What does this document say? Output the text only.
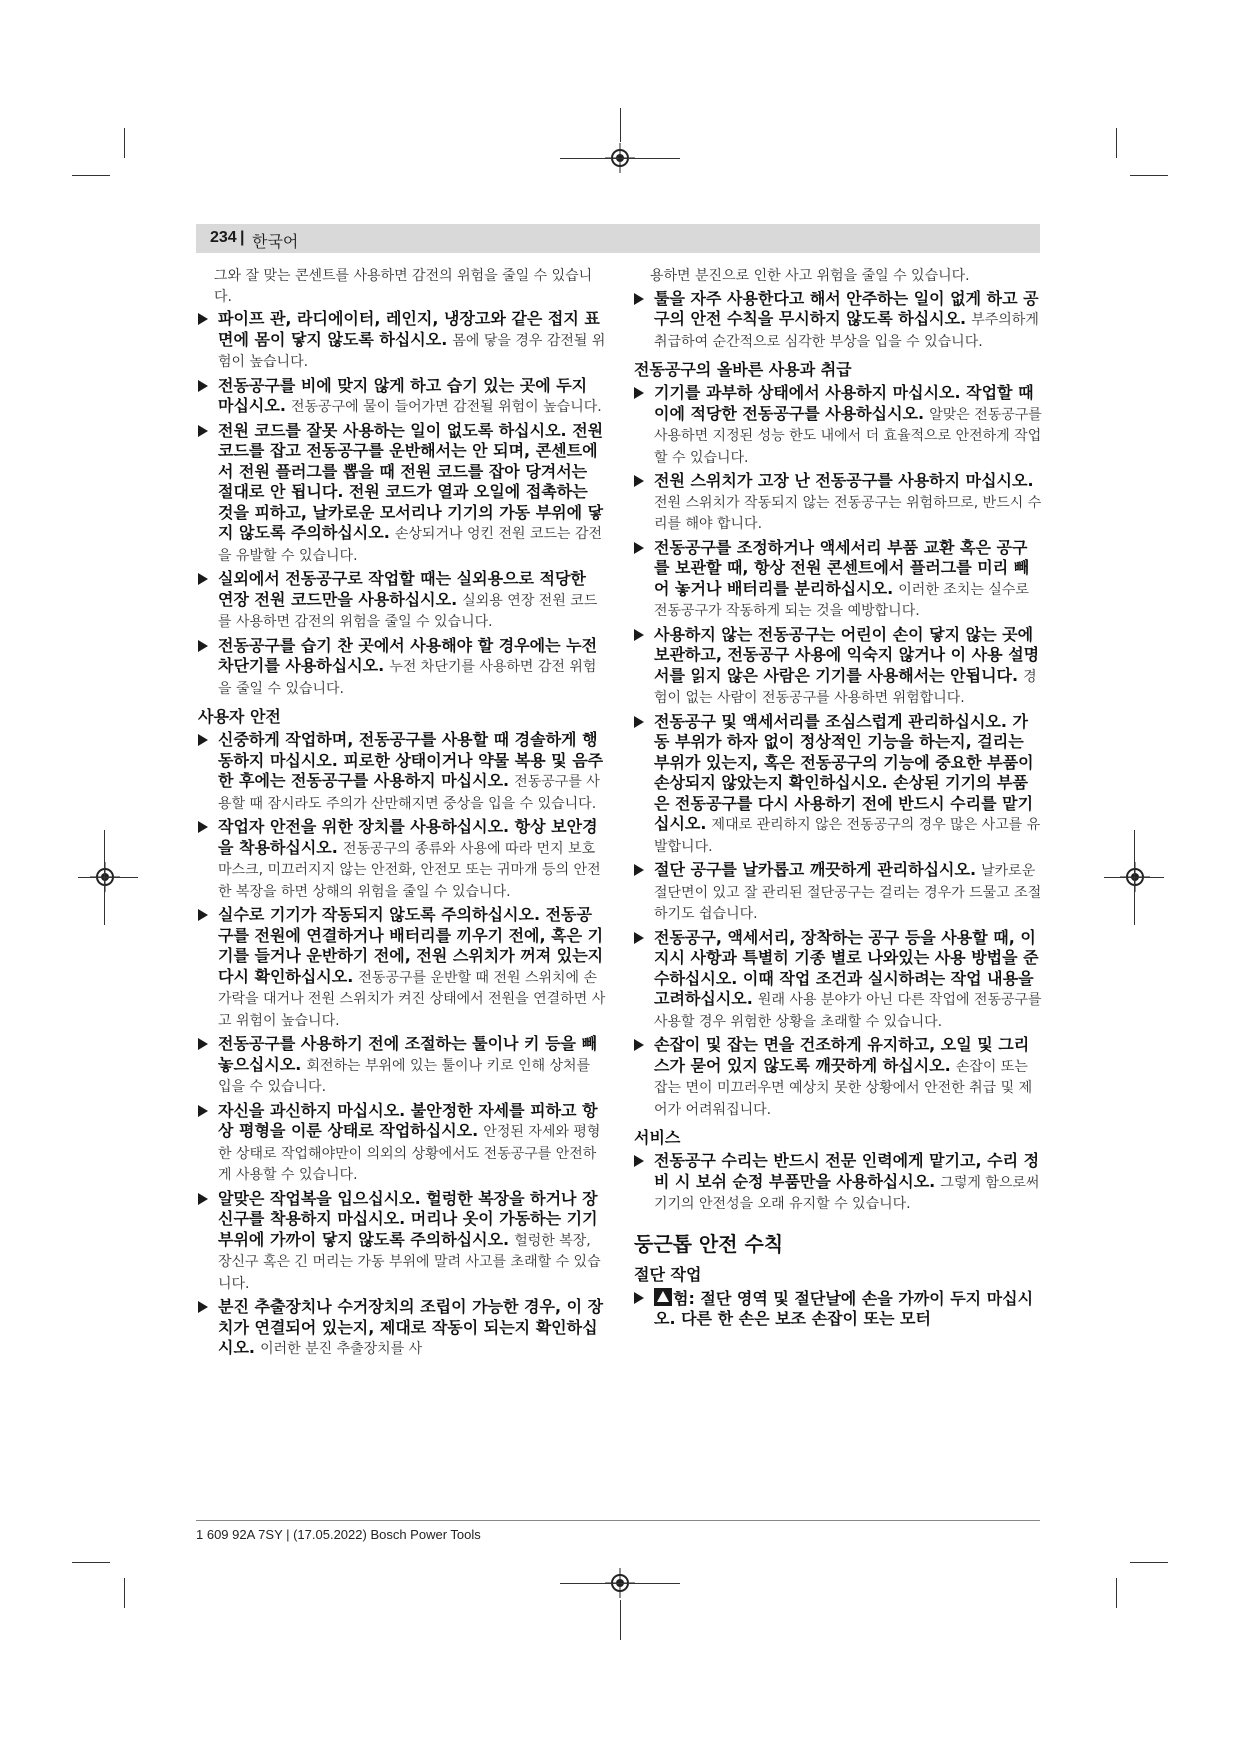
234 | 한국어
그와 잘 맞는 콘센트를 사용하면 감전의 위험을 줄일 수 있습니다.
파이프 관, 라디에이터, 레인지, 냉장고와 같은 접지 표면에 몸이 닿지 않도록 하십시오. 몸에 닿을 경우 감전될 위험이 높습니다.
전동공구를 비에 맞지 않게 하고 습기 있는 곳에 두지 마십시오. 전동공구에 물이 들어가면 감전될 위험이 높습니다.
전원 코드를 잘못 사용하는 일이 없도록 하십시오. 전원 코드를 잡고 전동공구를 운반해서는 안 되며, 콘센트에서 전원 플러그를 뽑을 때 전원 코드를 잡아 당겨서는 절대로 안 됩니다. 전원 코드가 열과 오일에 접촉하는 것을 피하고, 날카로운 모서리나 기기의 가동 부위에 닿지 않도록 주의하십시오. 손상되거나 엉킨 전원 코드는 감전을 유발할 수 있습니다.
실외에서 전동공구로 작업할 때는 실외용으로 적당한 연장 전원 코드만을 사용하십시오. 실외용 연장 전원 코드를 사용하면 감전의 위험을 줄일 수 있습니다.
전동공구를 습기 찬 곳에서 사용해야 할 경우에는 누전 차단기를 사용하십시오. 누전 차단기를 사용하면 감전 위험을 줄일 수 있습니다.
사용자 안전
신중하게 작업하며, 전동공구를 사용할 때 경솔하게 행동하지 마십시오. 피로한 상태이거나 약물 복용 및 음주한 후에는 전동공구를 사용하지 마십시오. 전동공구를 사용할 때 잠시라도 주의가 산만해지면 중상을 입을 수 있습니다.
작업자 안전을 위한 장치를 사용하십시오. 항상 보안경을 착용하십시오. 전동공구의 종류와 사용에 따라 먼지 보호 마스크, 미끄러지지 않는 안전화, 안전모 또는 귀마개 등의 안전한 복장을 하면 상해의 위험을 줄일 수 있습니다.
실수로 기기가 작동되지 않도록 주의하십시오. 전동공구를 전원에 연결하거나 배터리를 끼우기 전에, 혹은 기기를 들거나 운반하기 전에, 전원 스위치가 꺼져 있는지 다시 확인하십시오. 전동공구를 운반할 때 전원 스위치에 손가락을 대거나 전원 스위치가 켜진 상태에서 전원을 연결하면 사고 위험이 높습니다.
전동공구를 사용하기 전에 조절하는 툴이나 키 등을 빼 놓으십시오. 회전하는 부위에 있는 툴이나 키로 인해 상처를 입을 수 있습니다.
자신을 과신하지 마십시오. 불안정한 자세를 피하고 항상 평형을 이룬 상태로 작업하십시오. 안정된 자세와 평형한 상태로 작업해야만이 의외의 상황에서도 전동공구를 안전하게 사용할 수 있습니다.
알맞은 작업복을 입으십시오. 헐렁한 복장을 하거나 장신구를 착용하지 마십시오. 머리나 옷이 가동하는 기기 부위에 가까이 닿지 않도록 주의하십시오. 헐렁한 복장, 장신구 혹은 긴 머리는 가동 부위에 말려 사고를 초래할 수 있습니다.
분진 추출장치나 수거장치의 조립이 가능한 경우, 이 장치가 연결되어 있는지, 제대로 작동이 되는지 확인하십시오. 이러한 분진 추출장치를 사
용하면 분진으로 인한 사고 위험을 줄일 수 있습니다.
툴을 자주 사용한다고 해서 안주하는 일이 없게 하고 공구의 안전 수칙을 무시하지 않도록 하십시오. 부주의하게 취급하여 순간적으로 심각한 부상을 입을 수 있습니다.
전동공구의 올바른 사용과 취급
기기를 과부하 상태에서 사용하지 마십시오. 작업할 때 이에 적당한 전동공구를 사용하십시오. 알맞은 전동공구를 사용하면 지정된 성능 한도 내에서 더 효율적으로 안전하게 작업할 수 있습니다.
전원 스위치가 고장 난 전동공구를 사용하지 마십시오. 전원 스위치가 작동되지 않는 전동공구는 위험하므로, 반드시 수리를 해야 합니다.
전동공구를 조정하거나 액세서리 부품 교환 혹은 공구를 보관할 때, 항상 전원 콘센트에서 플러그를 미리 빼어 놓거나 배터리를 분리하십시오. 이러한 조치는 실수로 전동공구가 작동하게 되는 것을 예방합니다.
사용하지 않는 전동공구는 어린이 손이 닿지 않는 곳에 보관하고, 전동공구 사용에 익숙지 않거나 이 사용 설명서를 읽지 않은 사람은 기기를 사용해서는 안됩니다. 경험이 없는 사람이 전동공구를 사용하면 위험합니다.
전동공구 및 액세서리를 조심스럽게 관리하십시오. 가동 부위가 하자 없이 정상적인 기능을 하는지, 걸리는 부위가 있는지, 혹은 전동공구의 기능에 중요한 부품이 손상되지 않았는지 확인하십시오. 손상된 기기의 부품은 전동공구를 다시 사용하기 전에 반드시 수리를 맡기십시오. 제대로 관리하지 않은 전동공구의 경우 많은 사고를 유발합니다.
절단 공구를 날카롭고 깨끗하게 관리하십시오. 날카로운 절단면이 있고 잘 관리된 절단공구는 걸리는 경우가 드물고 조절하기도 쉽습니다.
전동공구, 액세서리, 장착하는 공구 등을 사용할 때, 이 지시 사항과 특별히 기종 별로 나와있는 사용 방법을 준수하십시오. 이때 작업 조건과 실시하려는 작업 내용을 고려하십시오. 원래 사용 분야가 아닌 다른 작업에 전동공구를 사용할 경우 위험한 상황을 초래할 수 있습니다.
손잡이 및 잡는 면을 건조하게 유지하고, 오일 및 그리스가 묻어 있지 않도록 깨끗하게 하십시오. 손잡이 또는 잡는 면이 미끄러우면 예상치 못한 상황에서 안전한 취급 및 제어가 어려워집니다.
서비스
전동공구 수리는 반드시 전문 인력에게 맡기고, 수리 정비 시 보쉬 순정 부품만을 사용하십시오. 그렇게 함으로써 기기의 안전성을 오래 유지할 수 있습니다.
둥근톱 안전 수칙
절단 작업
험: 절단 영역 및 절단날에 손을 가까이 두지 마십시오. 다른 한 손은 보조 손잡이 또는 모터
1 609 92A 7SY | (17.05.2022) Bosch Power Tools
